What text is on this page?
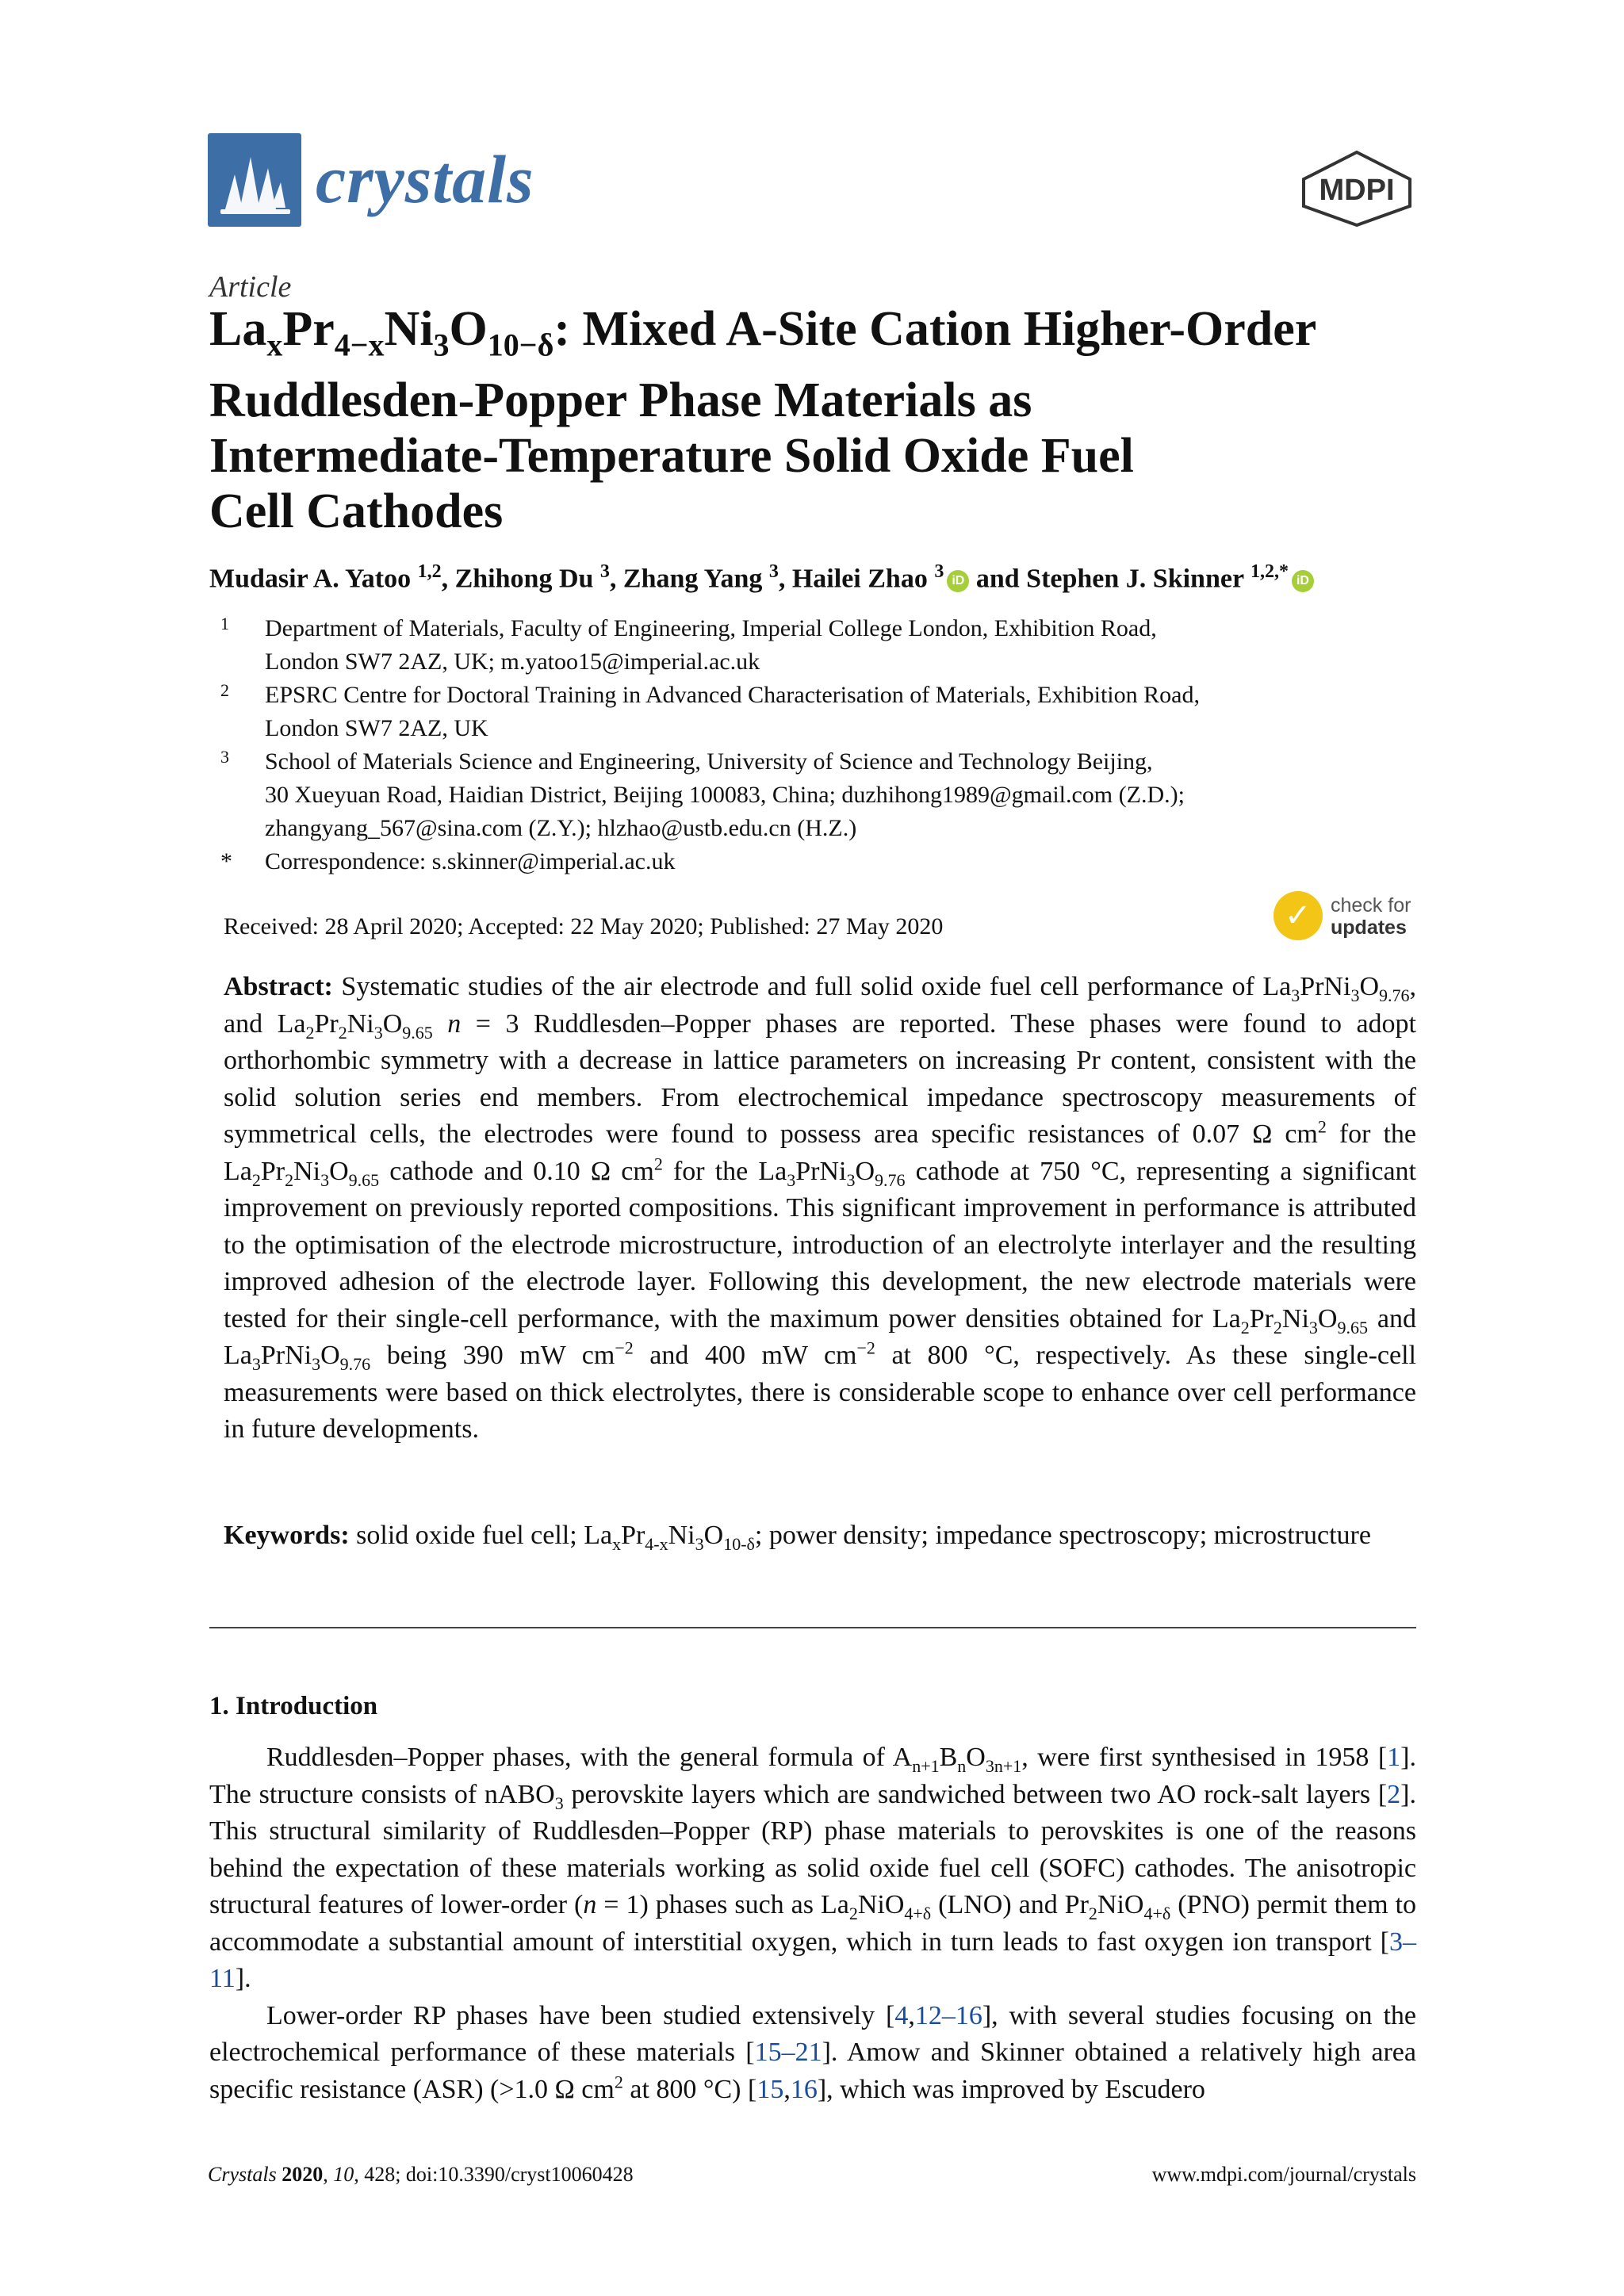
crystals	MDPI
Article
$La_xPr_{4-x}Ni_3O_{10-\delta}$: Mixed A-Site Cation Higher-Order
Ruddlesden-Popper Phase Materials as
Intermediate-Temperature Solid Oxide Fuel
Cell Cathodes
Mudasir A. Yatoo $^{1,2}$, Zhihong Du $^3$, Zhang Yang $^3$, Hailei Zhao $^3$ iD and Stephen J. Skinner $^{1,2,*}$ iD
1	Department of Materials, Faculty of Engineering, Imperial College London, Exhibition Road,
London SW7 2AZ, UK; m.yatoo15@imperial.ac.uk
2	EPSRC Centre for Doctoral Training in Advanced Characterisation of Materials, Exhibition Road,
London SW7 2AZ, UK
3	School of Materials Science and Engineering, University of Science and Technology Beijing,
30 Xueyuan Road, Haidian District, Beijing 100083, China; duzhihong1989@gmail.com (Z.D.);
zhangyang_567@sina.com (Z.Y.); hlzhao@ustb.edu.cn (H.Z.)
*	Correspondence: s.skinner@imperial.ac.uk
Received: 28 April 2020; Accepted: 22 May 2020; Published: 27 May 2020	✓ check for
updates
Abstract: Systematic studies of the air electrode and full solid oxide fuel cell performance of $La_3PrNi_3O_{9.76}$, and $La_2Pr_2Ni_3O_{9.65}$ n = 3 Ruddlesden–Popper phases are reported. These phases were found to adopt orthorhombic symmetry with a decrease in lattice parameters on increasing Pr content, consistent with the solid solution series end members. From electrochemical impedance spectroscopy measurements of symmetrical cells, the electrodes were found to possess area specific resistances of 0.07 Ω $cm^2$ for the $La_2Pr_2Ni_3O_{9.65}$ cathode and 0.10 Ω $cm^2$ for the $La_3PrNi_3O_{9.76}$ cathode at 750 °C, representing a significant improvement on previously reported compositions. This significant improvement in performance is attributed to the optimisation of the electrode microstructure, introduction of an electrolyte interlayer and the resulting improved adhesion of the electrode layer. Following this development, the new electrode materials were tested for their single-cell performance, with the maximum power densities obtained for $La_2Pr_2Ni_3O_{9.65}$ and $La_3PrNi_3O_{9.76}$ being 390 mW $cm^{-2}$ and 400 mW $cm^{-2}$ at 800 °C, respectively. As these single-cell measurements were based on thick electrolytes, there is considerable scope to enhance over cell performance in future developments.
Keywords: solid oxide fuel cell; $La_xPr_{4-x}Ni_3O_{10-\delta}$; power density; impedance spectroscopy; microstructure
1. Introduction

Ruddlesden–Popper phases, with the general formula of $A_{n+1}B_nO_{3n+1}$, were first synthesised in 1958 [1]. The structure consists of nABO$_3$ perovskite layers which are sandwiched between two AO rock-salt layers [2]. This structural similarity of Ruddlesden–Popper (RP) phase materials to perovskites is one of the reasons behind the expectation of these materials working as solid oxide fuel cell (SOFC) cathodes. The anisotropic structural features of lower-order (n = 1) phases such as $La_2NiO_{4+\delta}$ (LNO) and $Pr_2NiO_{4+\delta}$ (PNO) permit them to accommodate a substantial amount of interstitial oxygen, which in turn leads to fast oxygen ion transport [3–11].

Lower-order RP phases have been studied extensively [4,12–16], with several studies focusing on the electrochemical performance of these materials [15–21]. Amow and Skinner obtained a relatively high area specific resistance (ASR) (>1.0 Ω $cm^2$ at 800 °C) [15,16], which was improved by Escudero

Crystals 2020, 10, 428; doi:10.3390/cryst10060428	www.mdpi.com/journal/crystals
